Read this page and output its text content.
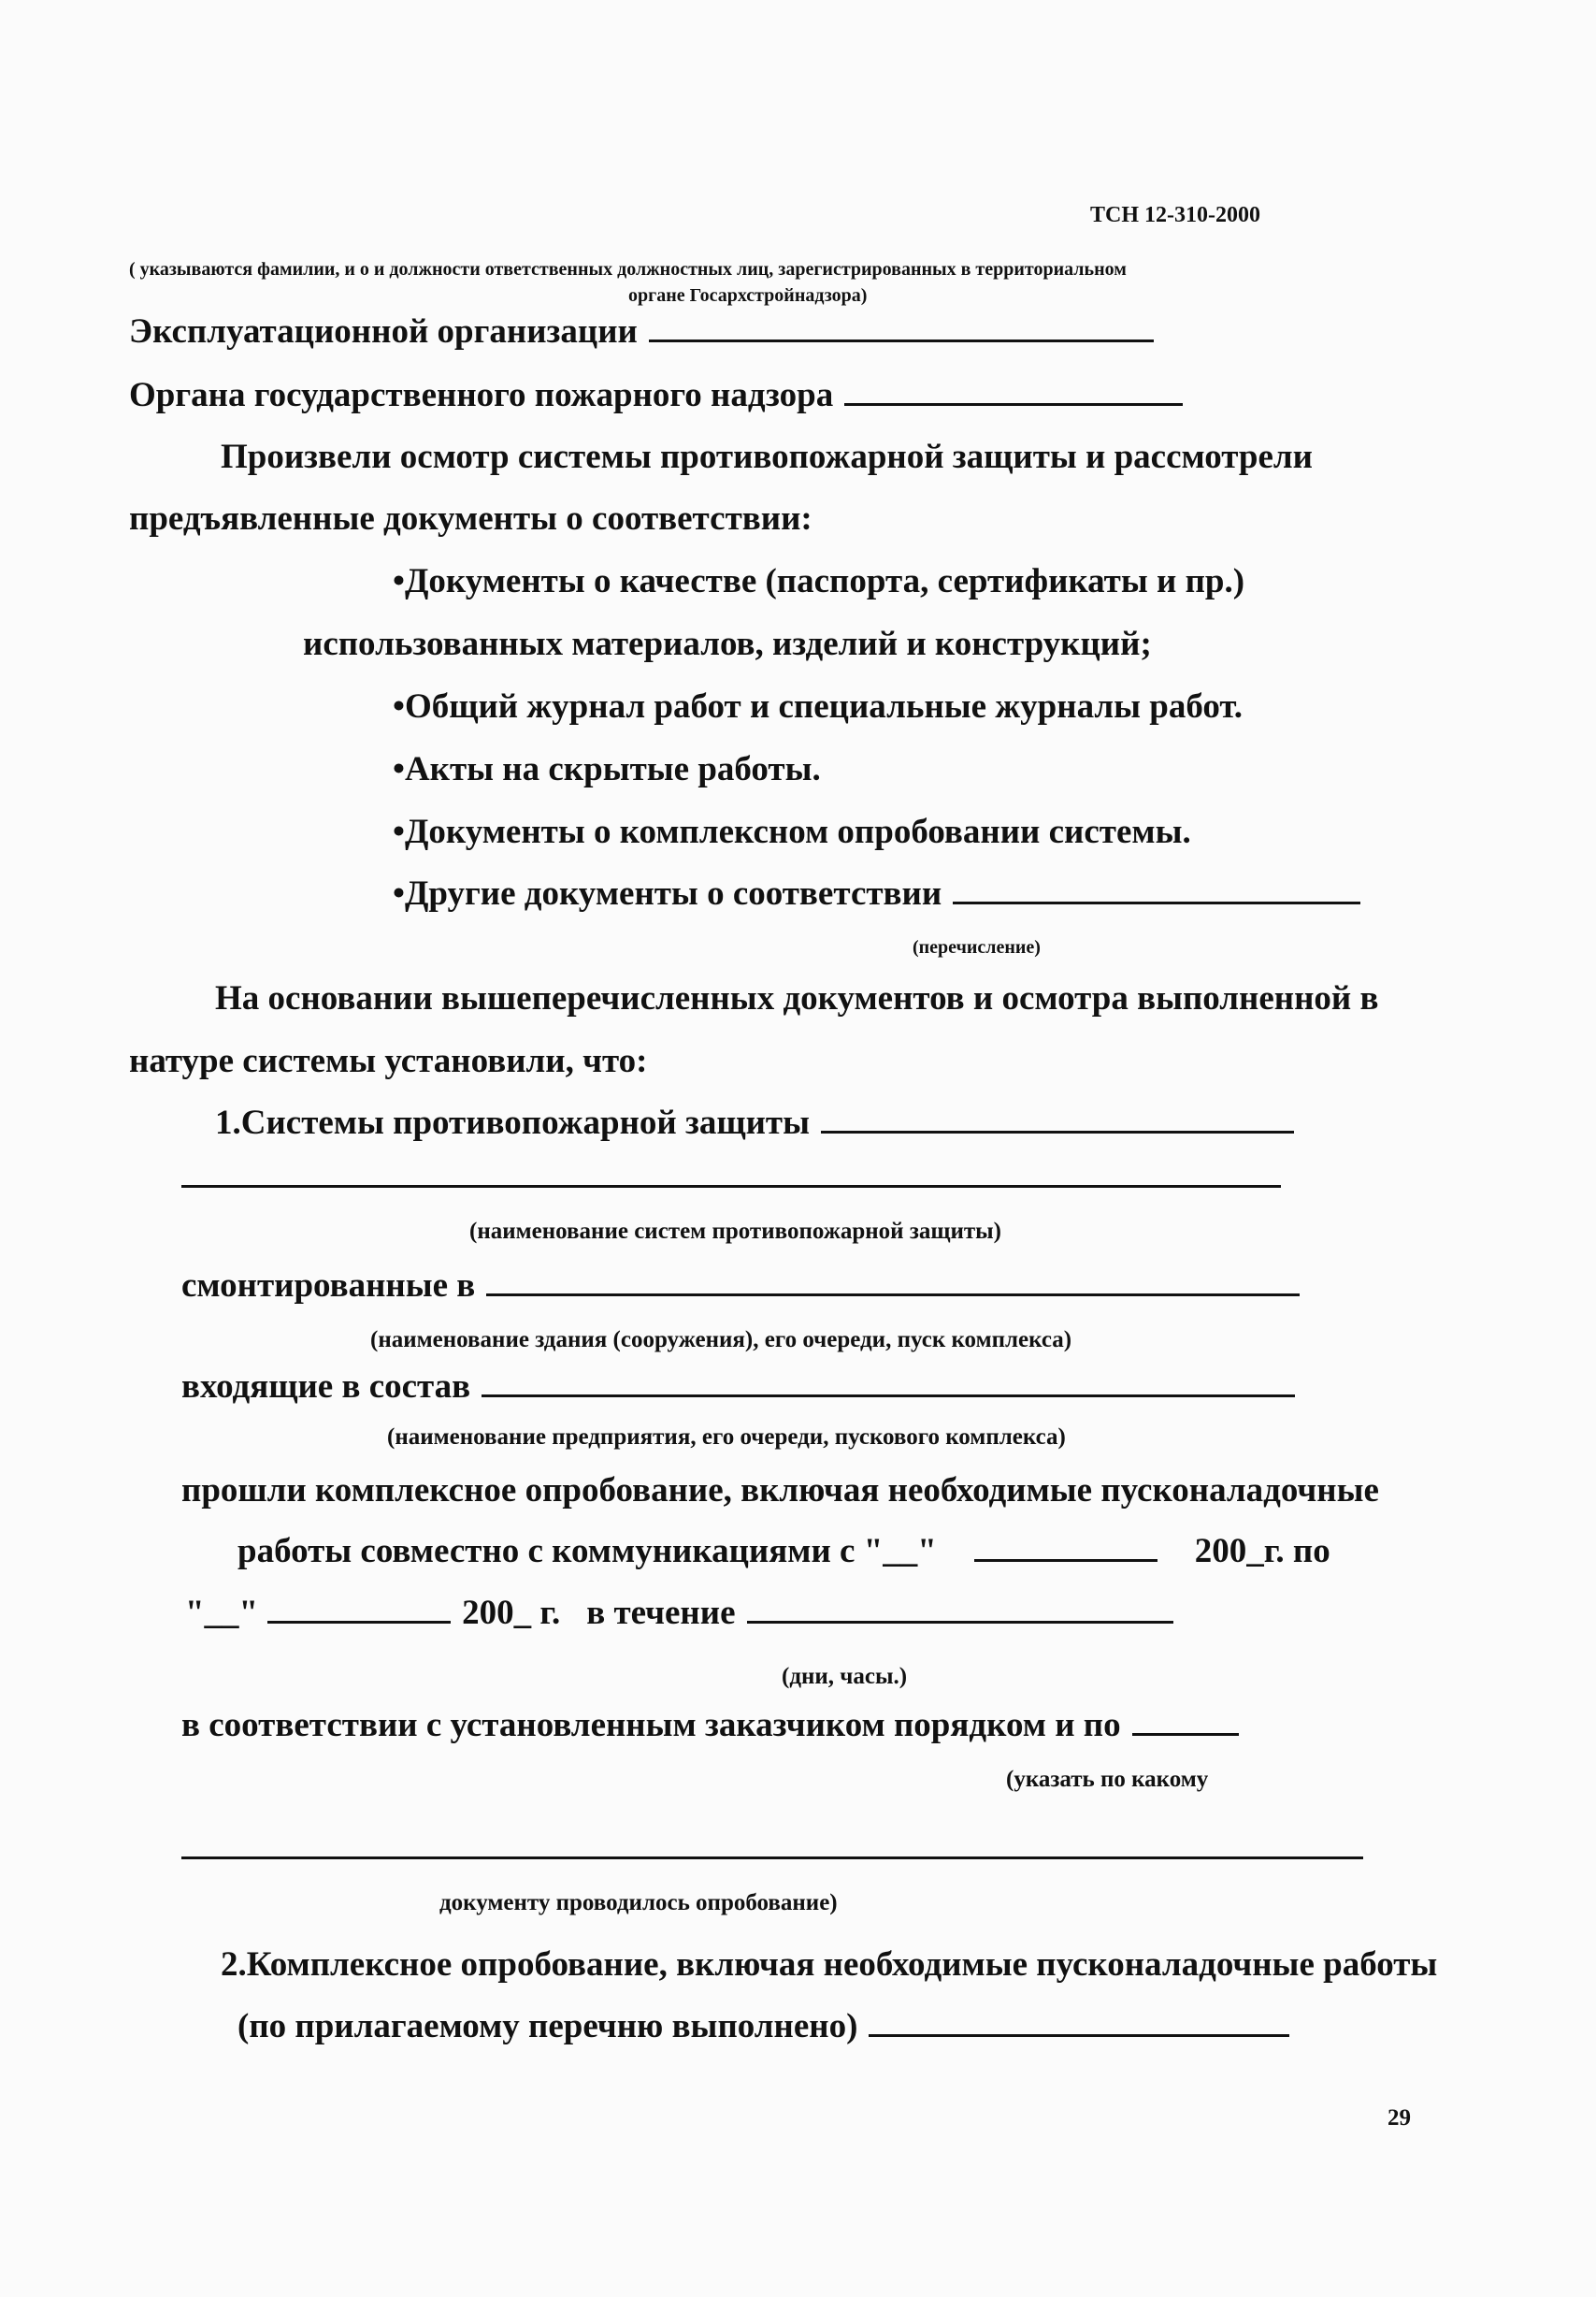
ТСН 12-310-2000
( указываются фамилии, и о и должности ответственных должностных лиц, зарегистрированных в территориальном
органе Госархстройнадзора)
Эксплуатационной организации
Органа государственного пожарного надзора
Произвели осмотр системы противопожарной защиты и рассмотрели
предъявленные документы о соответствии:
•Документы о качестве (паспорта, сертификаты и пр.)
использованных материалов, изделий и конструкций;
•Общий журнал работ и специальные журналы работ.
•Акты на скрытые работы.
•Документы о комплексном опробовании системы.
•Другие документы о соответствии
(перечисление)
На основании вышеперечисленных документов и осмотра выполненной в
натуре системы установили, что:
1.Системы противопожарной защиты
(наименование систем противопожарной защиты)
смонтированные в
(наименование здания (сооружения), его очереди, пуск комплекса)
входящие в состав
(наименование предприятия, его очереди, пускового комплекса)
прошли комплексное опробование, включая необходимые пусконаладочные
работы совместно с коммуникациями с "__"	200_г. по
"__"	200_ г. в течение
(дни, часы.)
в соответствии с установленным заказчиком порядком и по
(указать по какому
документу проводилось опробование)
2.Комплексное опробование, включая необходимые пусконаладочные работы
(по прилагаемому перечню выполнено)
29
